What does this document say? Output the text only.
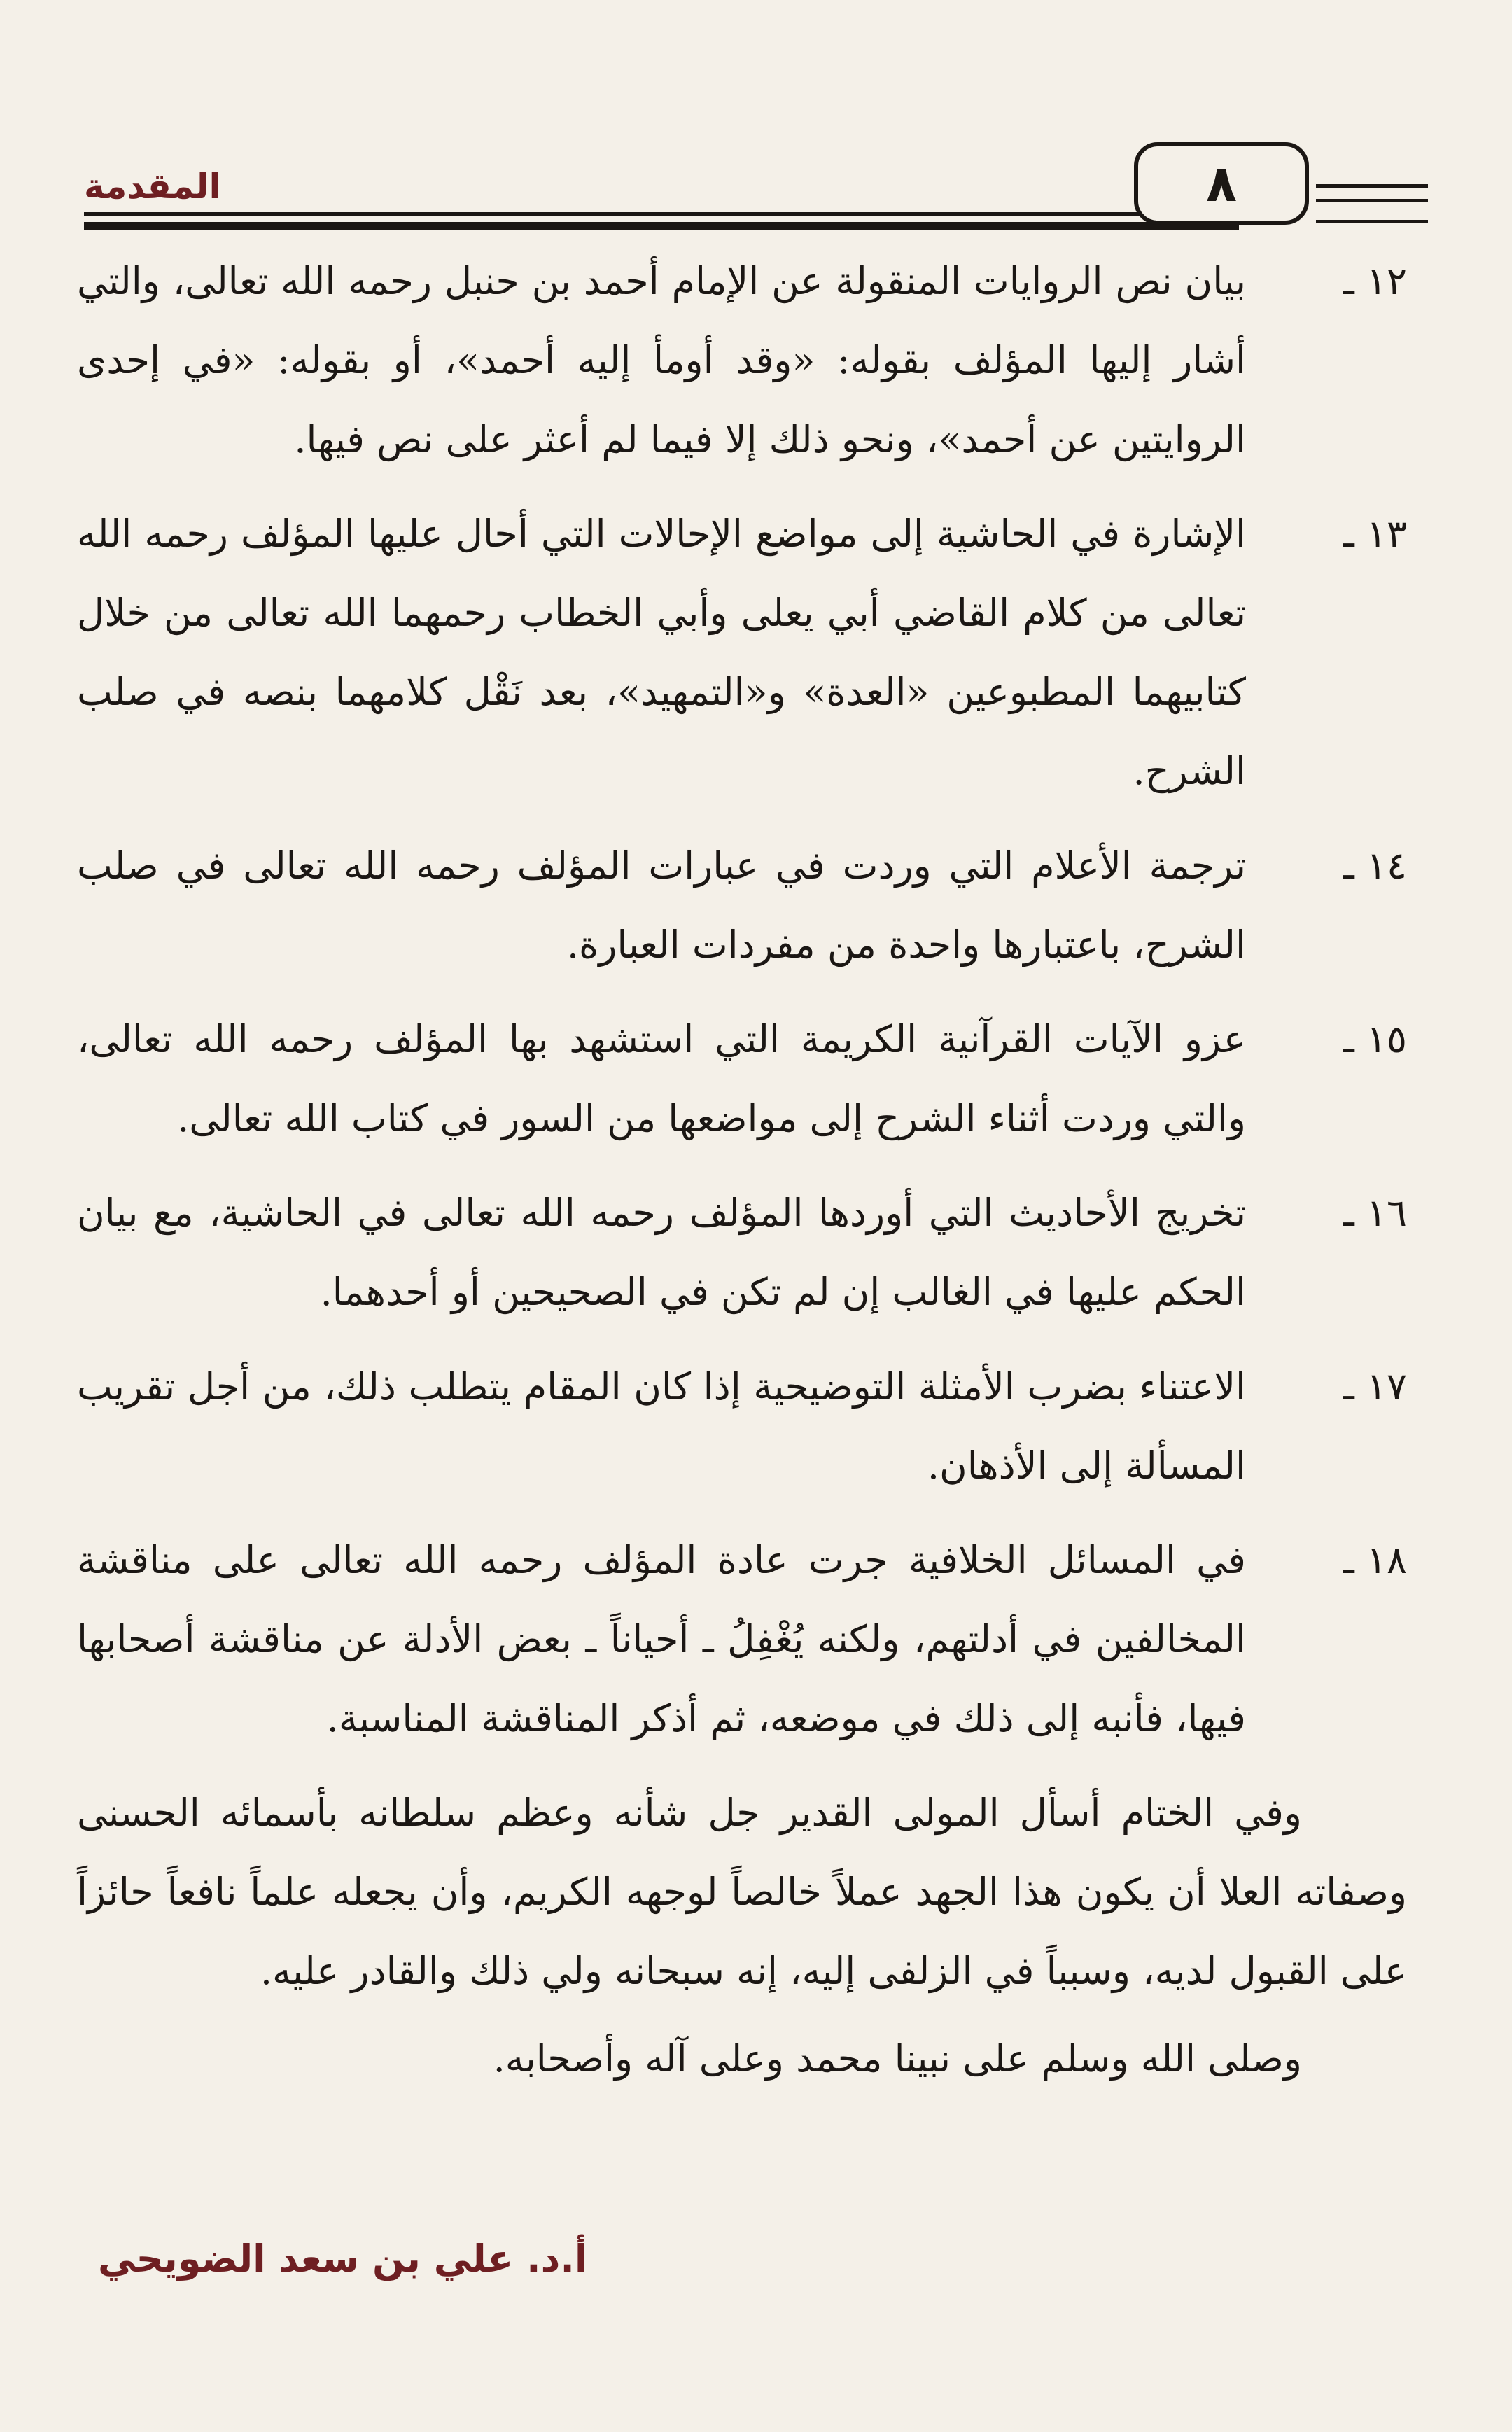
المقدمة	٨
١٢ ـ
بيان نص الروايات المنقولة عن الإمام أحمد بن حنبل رحمه الله تعالى، والتي أشار إليها المؤلف بقوله: «وقد أومأ إليه أحمد»، أو بقوله: «في إحدى الروايتين عن أحمد»، ونحو ذلك إلا فيما لم أعثر على نص فيها.
١٣ ـ
الإشارة في الحاشية إلى مواضع الإحالات التي أحال عليها المؤلف رحمه الله تعالى من كلام القاضي أبي يعلى وأبي الخطاب رحمهما الله تعالى من خلال كتابيهما المطبوعين «العدة» و«التمهيد»، بعد نَقْل كلامهما بنصه في صلب الشرح.
١٤ ـ
ترجمة الأعلام التي وردت في عبارات المؤلف رحمه الله تعالى في صلب الشرح، باعتبارها واحدة من مفردات العبارة.
١٥ ـ
عزو الآيات القرآنية الكريمة التي استشهد بها المؤلف رحمه الله تعالى، والتي وردت أثناء الشرح إلى مواضعها من السور في كتاب الله تعالى.
١٦ ـ
تخريج الأحاديث التي أوردها المؤلف رحمه الله تعالى في الحاشية، مع بيان الحكم عليها في الغالب إن لم تكن في الصحيحين أو أحدهما.
١٧ ـ
الاعتناء بضرب الأمثلة التوضيحية إذا كان المقام يتطلب ذلك، من أجل تقريب المسألة إلى الأذهان.
١٨ ـ
في المسائل الخلافية جرت عادة المؤلف رحمه الله تعالى على مناقشة المخالفين في أدلتهم، ولكنه يُغْفِلُ ـ أحياناً ـ بعض الأدلة عن مناقشة أصحابها فيها، فأنبه إلى ذلك في موضعه، ثم أذكر المناقشة المناسبة.

وفي الختام أسأل المولى القدير جل شأنه وعظم سلطانه بأسمائه الحسنى وصفاته العلا أن يكون هذا الجهد عملاً خالصاً لوجهه الكريم، وأن يجعله علماً نافعاً حائزاً على القبول لديه، وسبباً في الزلفى إليه، إنه سبحانه ولي ذلك والقادر عليه.

وصلى الله وسلم على نبينا محمد وعلى آله وأصحابه.

أ.د. علي بن سعد الضويحي
